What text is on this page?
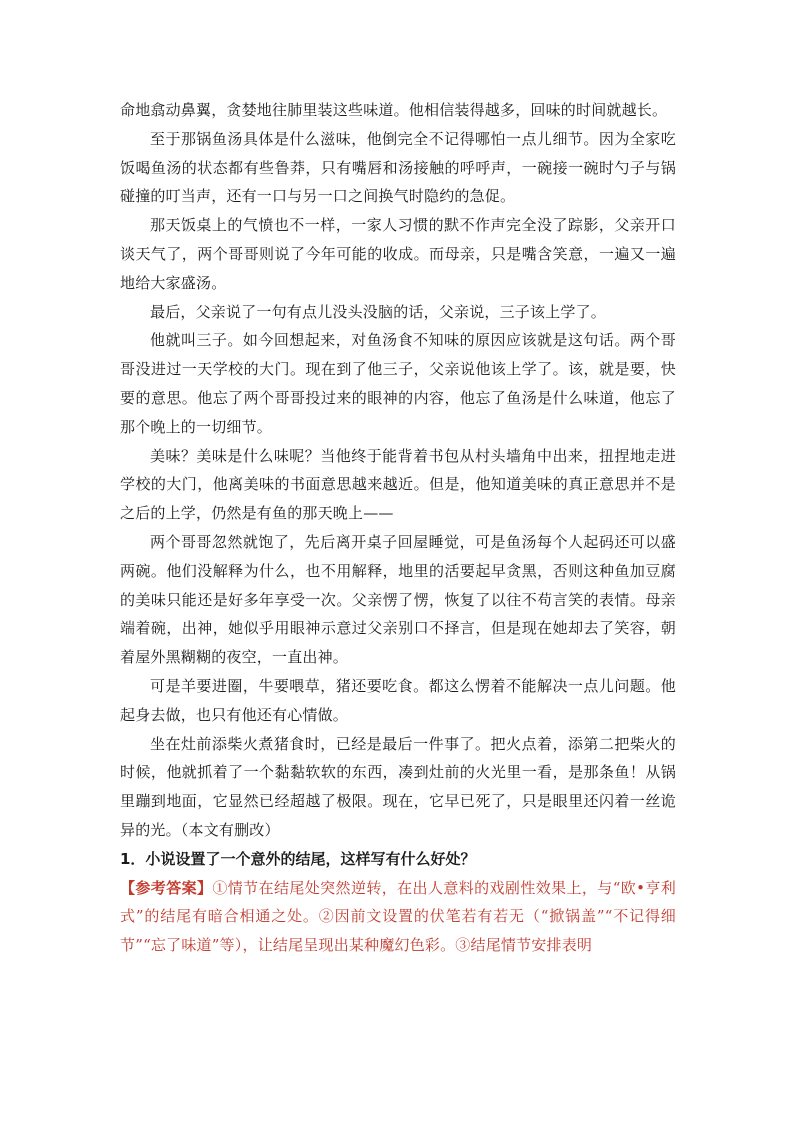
命地翕动鼻翼，贪婪地往肺里装这些味道。他相信装得越多，回味的时间就越长。

至于那锅鱼汤具体是什么滋味，他倒完全不记得哪怕一点儿细节。因为全家吃饭喝鱼汤的状态都有些鲁莽，只有嘴唇和汤接触的呼呼声，一碗接一碗时勺子与锅碰撞的叮当声，还有一口与另一口之间换气时隐约的急促。

那天饭桌上的气愤也不一样，一家人习惯的默不作声完全没了踪影，父亲开口谈天气了，两个哥哥则说了今年可能的收成。而母亲，只是嘴含笑意，一遍又一遍地给大家盛汤。

最后，父亲说了一句有点儿没头没脑的话，父亲说，三子该上学了。

他就叫三子。如今回想起来，对鱼汤食不知味的原因应该就是这句话。两个哥哥没进过一天学校的大门。现在到了他三子，父亲说他该上学了。该，就是要，快要的意思。他忘了两个哥哥投过来的眼神的内容，他忘了鱼汤是什么味道，他忘了那个晚上的一切细节。

美味？美味是什么味呢？当他终于能背着书包从村头墙角中出来，扭捏地走进学校的大门，他离美味的书面意思越来越近。但是，他知道美味的真正意思并不是之后的上学，仍然是有鱼的那天晚上——

两个哥哥忽然就饱了，先后离开桌子回屋睡觉，可是鱼汤每个人起码还可以盛两碗。他们没解释为什么，也不用解释，地里的活要起早贪黑，否则这种鱼加豆腐的美味只能还是好多年享受一次。父亲愣了愣，恢复了以往不苟言笑的表情。母亲端着碗，出神，她似乎用眼神示意过父亲别口不择言，但是现在她却去了笑容，朝着屋外黑糊糊的夜空，一直出神。

可是羊要进圈，牛要喂草，猪还要吃食。都这么愣着不能解决一点儿问题。他起身去做，也只有他还有心情做。

坐在灶前添柴火煮猪食时，已经是最后一件事了。把火点着，添第二把柴火的时候，他就抓着了一个黏黏软软的东西，凑到灶前的火光里一看，是那条鱼！从锅里蹦到地面，它显然已经超越了极限。现在，它早已死了，只是眼里还闪着一丝诡异的光。（本文有删改）

1．小说设置了一个意外的结尾，这样写有什么好处？

【参考答案】①情节在结尾处突然逆转，在出人意料的戏剧性效果上，与“欧•亨利式”的结尾有暗合相通之处。②因前文设置的伏笔若有若无（“掀锅盖”“不记得细节”“忘了味道”等），让结尾呈现出某种魔幻色彩。③结尾情节安排表明
